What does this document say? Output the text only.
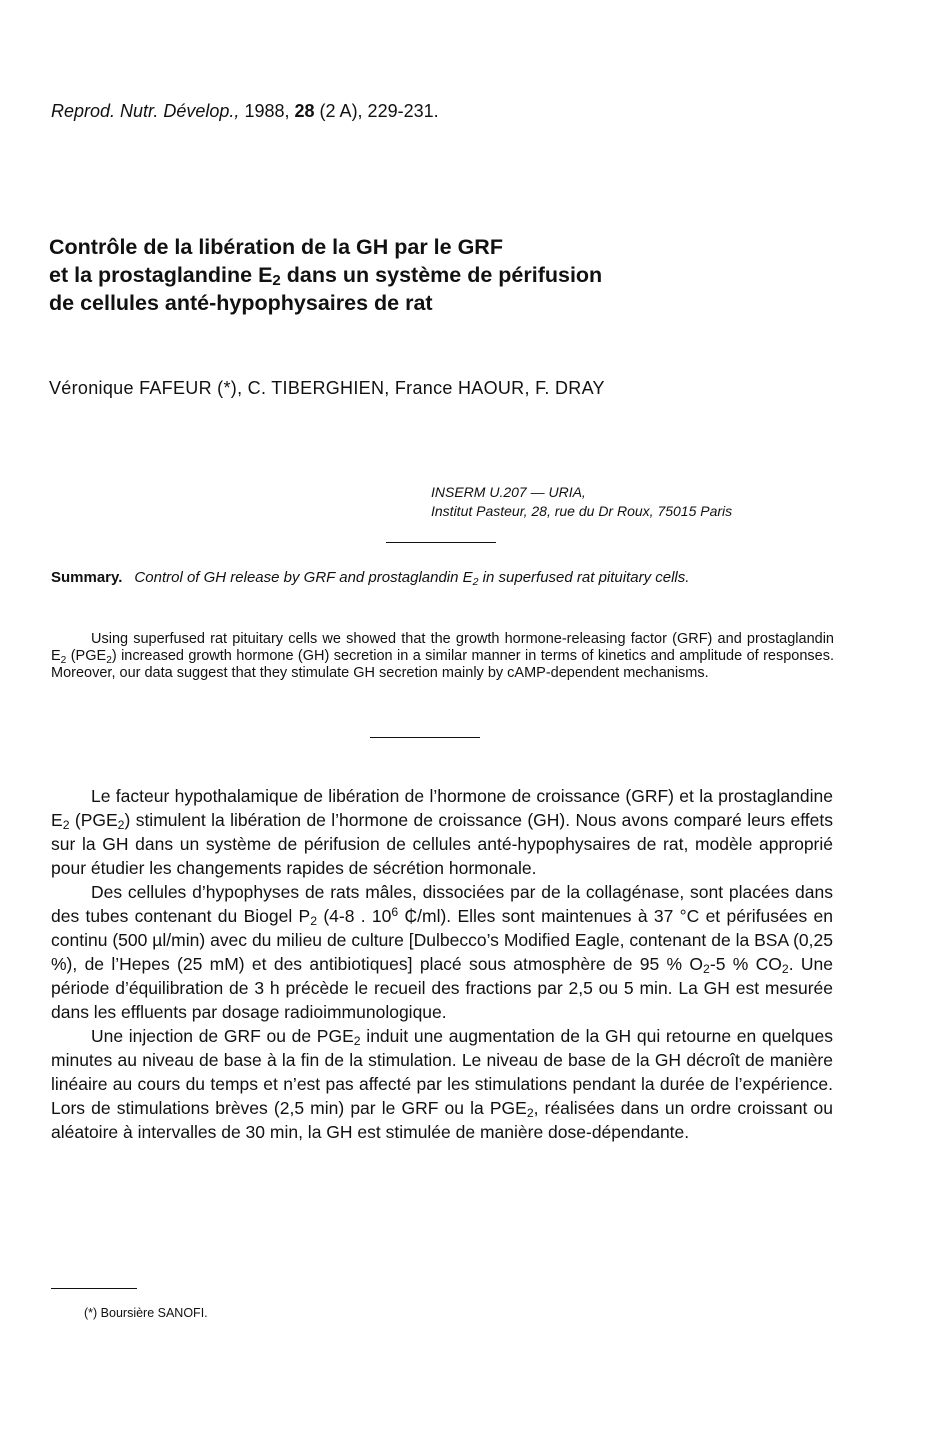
Reprod. Nutr. Dévelop., 1988, 28 (2 A), 229-231.
Contrôle de la libération de la GH par le GRF
et la prostaglandine $E_2$ dans un système de périfusion
de cellules anté-hypophysaires de rat
Véronique FAFEUR (*), C. TIBERGHIEN, France HAOUR, F. DRAY
INSERM U.207 — URIA,
Institut Pasteur, 28, rue du Dr Roux, 75015 Paris
Summary. Control of GH release by GRF and prostaglandin $E_2$ in superfused rat pituitary cells.
Using superfused rat pituitary cells we showed that the growth hormone-releasing factor (GRF) and prostaglandin $E_2$ $(PGE_2)$ increased growth hormone (GH) secretion in a similar manner in terms of kinetics and amplitude of responses. Moreover, our data suggest that they stimulate GH secretion mainly by cAMP-dependent mechanisms.

Le facteur hypothalamique de libération de l’hormone de croissance (GRF) et la prostaglandine $E_2$ $(PGE_2)$ stimulent la libération de l’hormone de croissance (GH). Nous avons comparé leurs effets sur la GH dans un système de périfusion de cellules anté-hypophysaires de rat, modèle approprié pour étudier les changements rapides de sécrétion hormonale.

Des cellules d’hypophyses de rats mâles, dissociées par de la collagénase, sont placées dans des tubes contenant du Biogel $P_2$ (4-8 . $10^6$ ₵/ml). Elles sont maintenues à 37 °C et périfusées en continu (500 µl/min) avec du milieu de culture [Dulbecco’s Modified Eagle, contenant de la BSA (0,25 %), de l’Hepes (25 mM) et des antibiotiques] placé sous atmosphère de 95 % $O_2-5$ % $CO_2$. Une période d’équilibration de 3 h précède le recueil des fractions par 2,5 ou 5 min. La GH est mesurée dans les effluents par dosage radioimmunologique.

Une injection de GRF ou de $PGE_2$ induit une augmentation de la GH qui retourne en quelques minutes au niveau de base à la fin de la stimulation. Le niveau de base de la GH décroît de manière linéaire au cours du temps et n’est pas affecté par les stimulations pendant la durée de l’expérience. Lors de stimulations brèves (2,5 min) par le GRF ou la $PGE_2$, réalisées dans un ordre croissant ou aléatoire à intervalles de 30 min, la GH est stimulée de manière dose-dépendante.

(*) Boursière SANOFI.
